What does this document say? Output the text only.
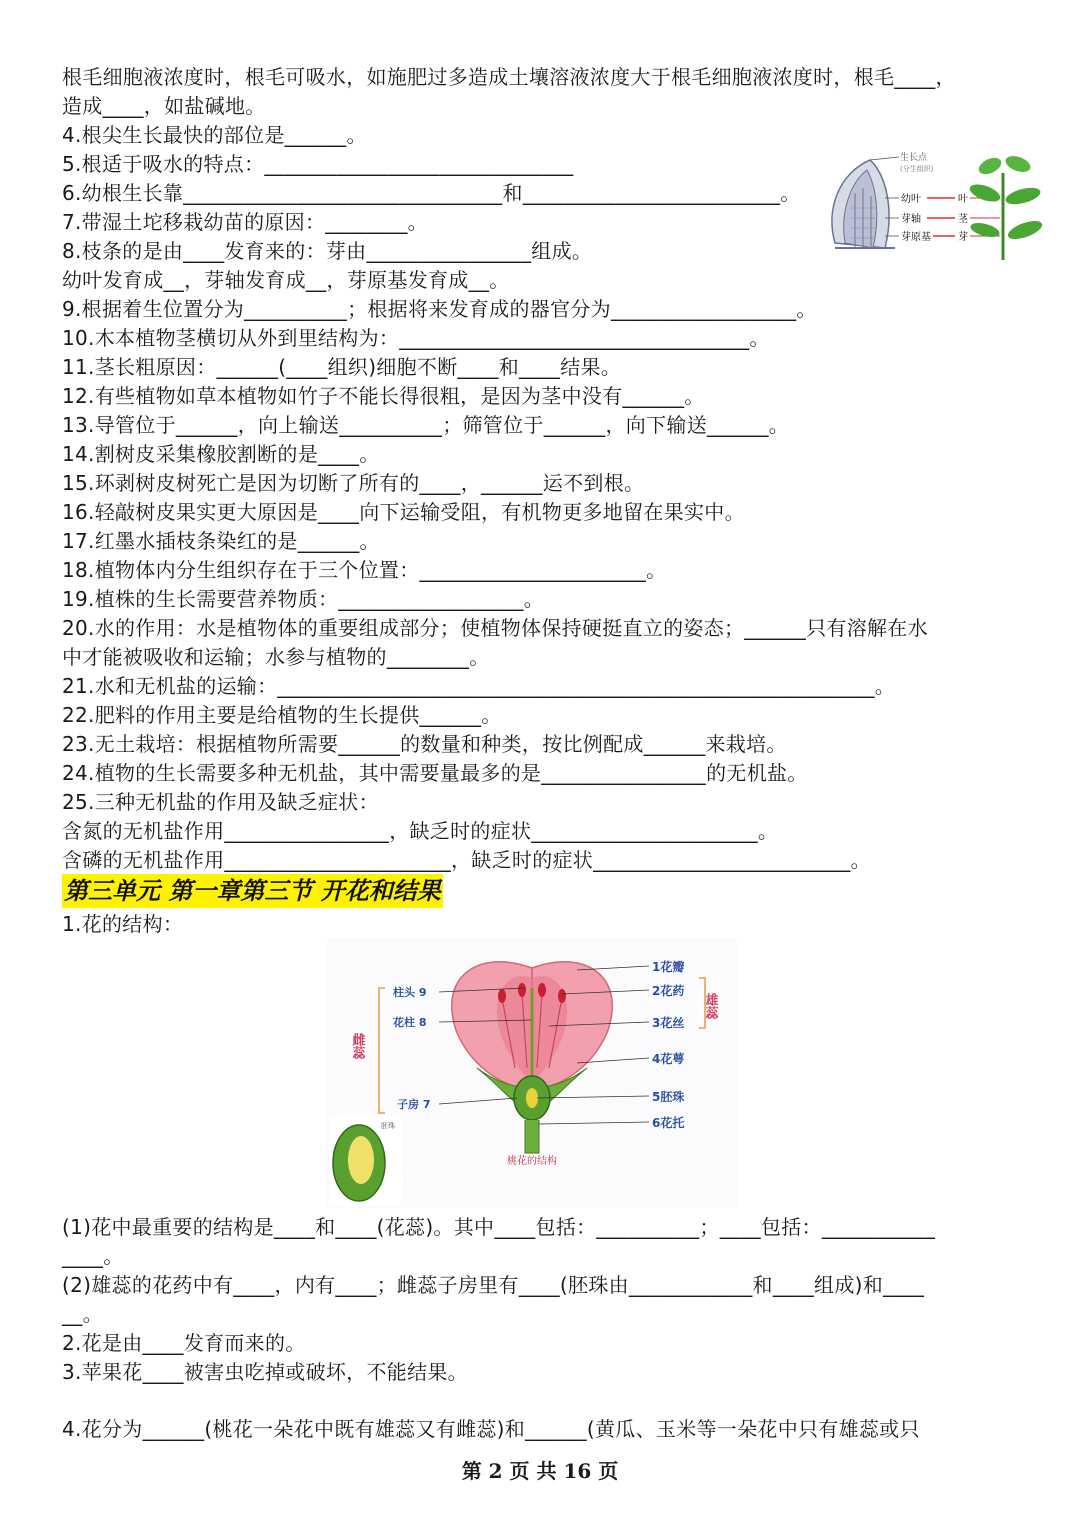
根毛细胞液浓度时，根毛可吸水，如施肥过多造成土壤溶液浓度大于根毛细胞液浓度时，根毛____，
造成____，如盐碱地。
4.根尖生长最快的部位是______。
5.根适于吸水的特点：______________________________
6.幼根生长靠_______________________________和_________________________。
7.带湿土坨移栽幼苗的原因：________。
8.枝条的是由____发育来的：芽由________________组成。
幼叶发育成__，芽轴发育成__，芽原基发育成__。
9.根据着生位置分为__________；根据将来发育成的器官分为__________________。
10.木本植物茎横切从外到里结构为：__________________________________。
11.茎长粗原因：______(____组织)细胞不断____和____结果。
12.有些植物如草本植物如竹子不能长得很粗，是因为茎中没有______。
13.导管位于______，向上输送__________；筛管位于______，向下输送______。
14.割树皮采集橡胶割断的是____。
15.环剥树皮树死亡是因为切断了所有的____，______运不到根。
16.轻敲树皮果实更大原因是____向下运输受阻，有机物更多地留在果实中。
17.红墨水插枝条染红的是______。
18.植物体内分生组织存在于三个位置：______________________。
19.植株的生长需要营养物质：__________________。
20.水的作用：水是植物体的重要组成部分；使植物体保持硬挺直立的姿态；______只有溶解在水
中才能被吸收和运输；水参与植物的________。
21.水和无机盐的运输：__________________________________________________________。
22.肥料的作用主要是给植物的生长提供______。
23.无土栽培：根据植物所需要______的数量和种类，按比例配成______来栽培。
24.植物的生长需要多种无机盐，其中需要量最多的是________________的无机盐。
25.三种无机盐的作用及缺乏症状：
含氮的无机盐作用________________，缺乏时的症状______________________。
含磷的无机盐作用______________________，缺乏时的症状_________________________。
生长点
(分生组织)
幼叶
芽轴
芽原基
叶
茎
芽
第三单元 第一章第三节 开花和结果
1.花的结构：
桃花的结构
1花瓣
2花药
3花丝
4花萼
5胚珠
6花托
雄蕊
柱头 9
花柱 8
子房 7
雌蕊
胚珠
(1)花中最重要的结构是____和____(花蕊)。其中____包括：__________；____包括：___________
____。
(2)雄蕊的花药中有____，内有____；雌蕊子房里有____(胚珠由____________和____组成)和____
__。
2.花是由____发育而来的。
3.苹果花____被害虫吃掉或破坏，不能结果。
4.花分为______(桃花一朵花中既有雄蕊又有雌蕊)和______(黄瓜、玉米等一朵花中只有雄蕊或只
第 2 页 共 16 页
